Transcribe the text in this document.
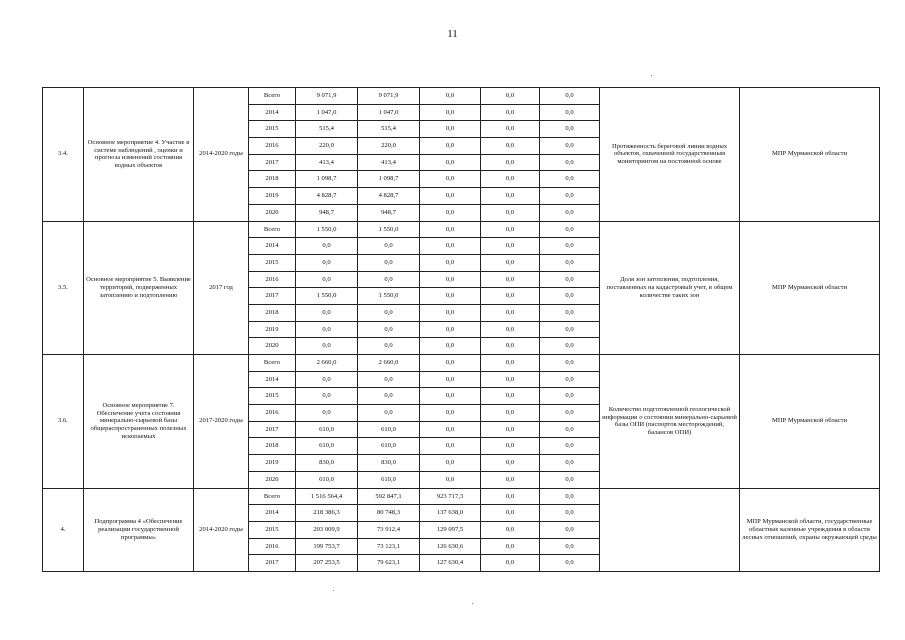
11
3.4.	Основное мероприятие 4. Участие в системе наблюдений , оценки и прогноза изменений состояния водных объектов	2014-2020 годы	Всего	9 071,9	9 071,9	0,0	0,0	0,0	Протяженность береговой линии водных объектов, охваченной государственным мониторингом на постоянной основе	МПР Мурманской области
			2014	1 047,0	1 047,0	0,0	0,0	0,0		
			2015	515,4	515,4	0,0	0,0	0,0		
			2016	220,0	220,0	0,0	0,0	0,0		
			2017	413,4	413,4	0,0	0,0	0,0		
			2018	1 098,7	1 098,7	0,0	0,0	0,0		
			2019	4 828,7	4 828,7	0,0	0,0	0,0		
			2020	948,7	948,7	0,0	0,0	0,0		
3.5.	Основное мероприятие 5. Выявление территорий, подверженных затоплению и подтоплению	2017 год	Всего	1 550,0	1 550,0	0,0	0,0	0,0	Доля зон затопления, подтопления, поставленных на кадастровый учет, в общем количестве таких зон	МПР Мурманской области
			2014	0,0	0,0	0,0	0,0	0,0		
			2015	0,0	0,0	0,0	0,0	0,0		
			2016	0,0	0,0	0,0	0,0	0,0		
			2017	1 550,0	1 550,0	0,0	0,0	0,0		
			2018	0,0	0,0	0,0	0,0	0,0		
			2019	0,0	0,0	0,0	0,0	0,0		
			2020	0,0	0,0	0,0	0,0	0,0		
3.6.	Основное мероприятие 7. Обеспечение учета состояния минерально-сырьевой базы общераспространенных полезных ископаемых	2017-2020 годы	Всего	2 660,0	2 660,0	0,0	0,0	0,0	Количество подготовленной геологической информации о состоянии минерально-сырьевой базы ОПИ (паспортов месторождений, балансов ОПИ)	МПР Мурманской области
			2014	0,0	0,0	0,0	0,0	0,0		
			2015	0,0	0,0	0,0	0,0	0,0		
			2016	0,0	0,0	0,0	0,0	0,0		
			2017	610,0	610,0	0,0	0,0	0,0		
			2018	610,0	610,0	0,0	0,0	0,0		
			2019	830,0	830,0	0,0	0,0	0,0		
			2020	610,0	610,0	0,0	0,0	0,0		
4.	Подпрограмма 4 «Обеспечение реализации государственной программы»	2014-2020 годы	Всего	1 516 564,4	592 847,1	923 717,3	0,0	0,0		МПР Мурманской области, государственные областные казенные учреждения в области лесных отношений, охраны окружающей среды
			2014	218 386,3	80 748,3	137 638,0	0,0	0,0		
			2015	203 009,9	73 912,4	129 097,5	0,0	0,0		
			2016	199 753,7	73 123,1	126 630,6	0,0	0,0		
			2017	207 253,5	79 623,1	127 630,4	0,0	0,0		
